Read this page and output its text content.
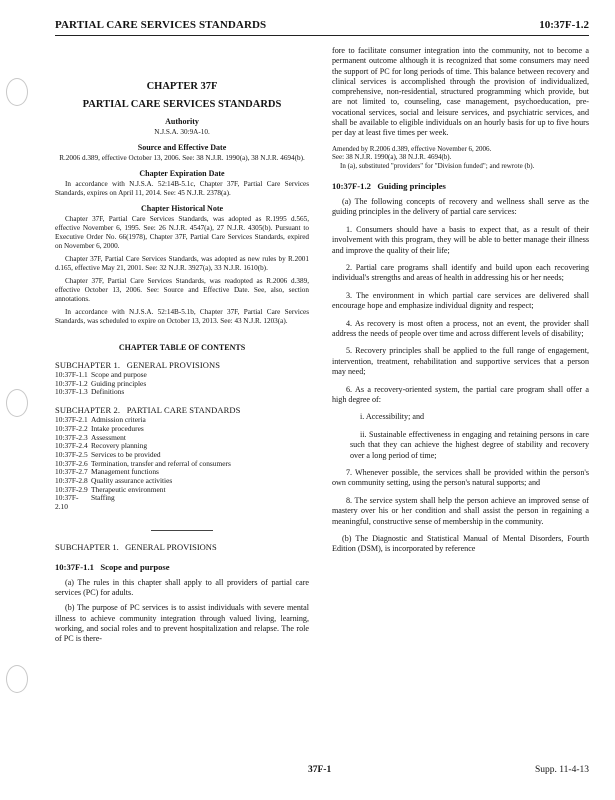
PARTIAL CARE SERVICES STANDARDS	10:37F-1.2
CHAPTER 37F
PARTIAL CARE SERVICES STANDARDS
Authority
N.J.S.A. 30:9A-10.
Source and Effective Date
R.2006 d.389, effective October 13, 2006. See: 38 N.J.R. 1990(a), 38 N.J.R. 4694(b).
Chapter Expiration Date
In accordance with N.J.S.A. 52:14B-5.1c, Chapter 37F, Partial Care Services Standards, expires on April 11, 2014. See: 45 N.J.R. 2378(a).
Chapter Historical Note
Chapter 37F, Partial Care Services Standards, was adopted as R.1995 d.565, effective November 6, 1995. See: 26 N.J.R. 4547(a), 27 N.J.R. 4305(b). Pursuant to Executive Order No. 66(1978), Chapter 37F, Partial Care Services Standards, expired on November 6, 2000.
Chapter 37F, Partial Care Services Standards, was adopted as new rules by R.2001 d.165, effective May 21, 2001. See: 32 N.J.R. 3927(a), 33 N.J.R. 1610(b).
Chapter 37F, Partial Care Services Standards, was readopted as R.2006 d.389, effective October 13, 2006. See: Source and Effective Date. See, also, section annotations.
In accordance with N.J.S.A. 52:14B-5.1b, Chapter 37F, Partial Care Services Standards, was scheduled to expire on October 13, 2013. See: 43 N.J.R. 1203(a).
CHAPTER TABLE OF CONTENTS
SUBCHAPTER 1.   GENERAL PROVISIONS
10:37F-1.1 Scope and purpose
10:37F-1.2 Guiding principles
10:37F-1.3 Definitions
SUBCHAPTER 2.   PARTIAL CARE STANDARDS
10:37F-2.1 Admission criteria
10:37F-2.2 Intake procedures
10:37F-2.3 Assessment
10:37F-2.4 Recovery planning
10:37F-2.5 Services to be provided
10:37F-2.6 Termination, transfer and referral of consumers
10:37F-2.7 Management functions
10:37F-2.8 Quality assurance activities
10:37F-2.9 Therapeutic environment
10:37F-2.10
Staffing
SUBCHAPTER 1.   GENERAL PROVISIONS
10:37F-1.1   Scope and purpose
(a) The rules in this chapter shall apply to all providers of partial care services (PC) for adults.
(b) The purpose of PC services is to assist individuals with severe mental illness to achieve community integration through valued living, learning, working, and social roles and to prevent hospitalization and relapse. The role of PC is there-
fore to facilitate consumer integration into the community, not to become a permanent outcome although it is recognized that some consumers may need the support of PC for long periods of time. This balance between recovery and clinical services is accomplished through the provision of individualized, comprehensive, non-residential, structured programming which provide, but are not limited to, counseling, case management, psychoeducation, pre-vocational services, social and leisure services, and psychiatric services, and shall be available to eligible individuals on an hourly basis for up to five hours per day at least five times per week.
Amended by R.2006 d.389, effective November 6, 2006.
See: 38 N.J.R. 1990(a), 38 N.J.R. 4694(b).
In (a), substituted "providers" for "Division funded"; and rewrote (b).
10:37F-1.2   Guiding principles
(a) The following concepts of recovery and wellness shall serve as the guiding principles in the delivery of partial care services:
1. Consumers should have a basis to expect that, as a result of their involvement with this program, they will be able to better manage their illness and improve the quality of their life;
2. Partial care programs shall identify and build upon each recovering individual's strengths and areas of health in addressing his or her needs;
3. The environment in which partial care services are delivered shall encourage hope and emphasize individual dignity and respect;
4. As recovery is most often a process, not an event, the provider shall address the needs of people over time and across different levels of disability;
5. Recovery principles shall be applied to the full range of engagement, intervention, treatment, rehabilitation and supportive services that a person may need;
6. As a recovery-oriented system, the partial care program shall offer a high degree of:
i. Accessibility; and
ii. Sustainable effectiveness in engaging and retaining persons in care such that they can achieve the highest degree of stability and recovery over a long period of time;
7. Whenever possible, the services shall be provided within the person's own community setting, using the person's natural supports; and
8. The service system shall help the person achieve an improved sense of mastery over his or her condition and shall assist the person in regaining a meaningful, constructive sense of membership in the community.
(b) The Diagnostic and Statistical Manual of Mental Disorders, Fourth Edition (DSM), is incorporated by reference
37F-1	Supp. 11-4-13
